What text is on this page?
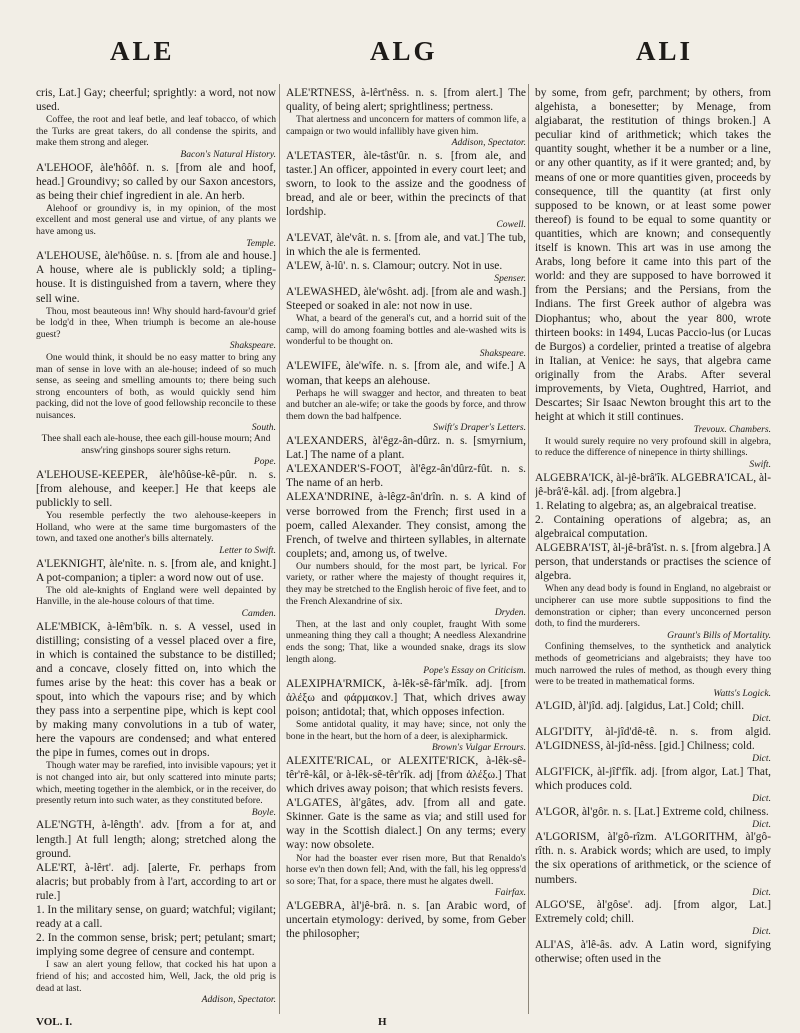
ALE	ALG	ALI

cris, Lat.] Gay; cheerful; sprightly: a word, not now used.

Coffee, the root and leaf betle, and leaf tobacco, of which the Turks are great takers, do all condense the spirits, and make them strong and aleger.

Bacon's Natural History.

A'LEHOOF, àle'hôôf. n. s. [from ale and hoof, head.] Groundivy; so called by our Saxon ancestors, as being their chief ingredient in ale. An herb.

Alehoof or groundivy is, in my opinion, of the most excellent and most general use and virtue, of any plants we have among us.

Temple.

A'LEHOUSE, àle'hôûse. n. s. [from ale and house.] A house, where ale is publickly sold; a tipling-house. It is distinguished from a tavern, where they sell wine.

Thou, most beauteous inn! Why should hard-favour'd grief be lodg'd in thee, When triumph is become an ale-house guest?

Shakspeare.

One would think, it should be no easy matter to bring any man of sense in love with an ale-house; indeed of so much sense, as seeing and smelling amounts to; there being such strong encounters of both, as would quickly send him packing, did not the love of good fellowship reconcile to these nuisances.

South.

Thee shall each ale-house, thee each gill-house mourn; And answ'ring ginshops sourer sighs return.

Pope.

A'LEHOUSE-KEEPER, àle'hôûse-kê-pûr. n. s. [from alehouse, and keeper.] He that keeps ale publickly to sell.

You resemble perfectly the two alehouse-keepers in Holland, who were at the same time burgomasters of the town, and taxed one another's bills alternately.

Letter to Swift.

A'LEKNIGHT, àle'nìte. n. s. [from ale, and knight.] A pot-companion; a tipler: a word now out of use.

The old ale-knights of England were well depainted by Hanville, in the ale-house colours of that time.

Camden.

ALE'MBICK, à-lêm'bîk. n. s. A vessel, used in distilling; consisting of a vessel placed over a fire, in which is contained the substance to be distilled; and a concave, closely fitted on, into which the fumes arise by the heat: this cover has a beak or spout, into which the vapours rise; and by which they pass into a serpentine pipe, which is kept cool by making many convolutions in a tub of water, here the vapours are condensed; and what entered the pipe in fumes, comes out in drops.

Though water may be rarefied, into invisible vapours; yet it is not changed into air, but only scattered into minute parts; which, meeting together in the alembick, or in the receiver, do presently return into such water, as they constituted before.

Boyle.

ALE'NGTH, à-lêngth'. adv. [from a for at, and length.] At full length; along; stretched along the ground.

ALE'RT, à-lêrt'. adj. [alerte, Fr. perhaps from alacris; but probably from à l'art, according to art or rule.]

1. In the military sense, on guard; watchful; vigilant; ready at a call.

2. In the common sense, brisk; pert; petulant; smart; implying some degree of censure and contempt.

I saw an alert young fellow, that cocked his hat upon a friend of his; and accosted him, Well, Jack, the old prig is dead at last.

Addison, Spectator.

ALE'RTNESS, à-lêrt'nêss. n. s. [from alert.] The quality, of being alert; sprightliness; pertness.

That alertness and unconcern for matters of common life, a campaign or two would infallibly have given him.

Addison, Spectator.

A'LETASTER, àle-tâst'ûr. n. s. [from ale, and taster.] An officer, appointed in every court leet; and sworn, to look to the assize and the goodness of bread, and ale or beer, within the precincts of that lordship.

Cowell.

A'LEVAT, àle'vât. n. s. [from ale, and vat.] The tub, in which the ale is fermented.

A'LEW, à-lû'. n. s. Clamour; outcry. Not in use.

Spenser.

A'LEWASHED, àle'wôsht. adj. [from ale and wash.] Steeped or soaked in ale: not now in use.

What, a beard of the general's cut, and a horrid suit of the camp, will do among foaming bottles and ale-washed wits is wonderful to be thought on.

Shakspeare.

A'LEWIFE, àle'wîfe. n. s. [from ale, and wife.] A woman, that keeps an alehouse.

Perhaps he will swagger and hector, and threaten to beat and butcher an ale-wife; or take the goods by force, and throw them down the bad halfpence.

Swift's Draper's Letters.

A'LEXANDERS, àl'êgz-ân-dûrz. n. s. [smyrnium, Lat.] The name of a plant.

A'LEXANDER'S-FOOT, àl'êgz-ân'dûrz-fût. n. s. The name of an herb.

ALEXA'NDRINE, à-lêgz-ân'drîn. n. s. A kind of verse borrowed from the French; first used in a poem, called Alexander. They consist, among the French, of twelve and thirteen syllables, in alternate couplets; and, among us, of twelve.

Our numbers should, for the most part, be lyrical. For variety, or rather where the majesty of thought requires it, they may be stretched to the English heroic of five feet, and to the French Alexandrine of six.

Dryden.

Then, at the last and only couplet, fraught With some unmeaning thing they call a thought; A needless Alexandrine ends the song; That, like a wounded snake, drags its slow length along.

Pope's Essay on Criticism.

ALEXIPHA'RMICK, à-lêk-sê-fâr'mîk. adj. [from ἀλέξω and φάρμακον.] That, which drives away poison; antidotal; that, which opposes infection.

Some antidotal quality, it may have; since, not only the bone in the heart, but the horn of a deer, is alexipharmick.

Brown's Vulgar Errours.

ALEXITE'RICAL, or ALEXITE'RICK, à-lêk-sê-têr'rê-kâl, or à-lêk-sê-têr'rîk. adj [from ἀλέξω.] That which drives away poison; that which resists fevers.

A'LGATES, àl'gâtes, adv. [from all and gate. Skinner. Gate is the same as via; and still used for way in the Scottish dialect.] On any terms; every way: now obsolete.

Nor had the boaster ever risen more, But that Renaldo's horse ev'n then down fell; And, with the fall, his leg oppress'd so sore; That, for a space, there must he algates dwell.

Fairfax.

A'LGEBRA, àl'jê-brâ. n. s. [an Arabic word, of uncertain etymology: derived, by some, from Geber the philosopher;

by some, from gefr, parchment; by others, from algehista, a bonesetter; by Menage, from algiabarat, the restitution of things broken.] A peculiar kind of arithmetick; which takes the quantity sought, whether it be a number or a line, or any other quantity, as if it were granted; and, by means of one or more quantities given, proceeds by consequence, till the quantity (at first only supposed to be known, or at least some power thereof) is found to be equal to some quantity or quantities, which are known; and consequently itself is known. This art was in use among the Arabs, long before it came into this part of the world: and they are supposed to have borrowed it from the Persians; and the Persians, from the Indians. The first Greek author of algebra was Diophantus; who, about the year 800, wrote thirteen books: in 1494, Lucas Paccio-lus (or Lucas de Burgos) a cordelier, printed a treatise of algebra in Italian, at Venice: he says, that algebra came originally from the Arabs. After several improvements, by Vieta, Oughtred, Harriot, and Descartes; Sir Isaac Newton brought this art to the height at which it still continues.

Trevoux. Chambers.

It would surely require no very profound skill in algebra, to reduce the difference of ninepence in thirty shillings.

Swift.

ALGEBRA'ICK, àl-jê-brâ'îk. ALGEBRA'ICAL, àl-jê-brâ'ê-kâl. adj. [from algebra.]

1. Relating to algebra; as, an algebraical treatise.

2. Containing operations of algebra; as, an algebraical computation.

ALGEBRA'IST, àl-jê-brâ'îst. n. s. [from algebra.] A person, that understands or practises the science of algebra.

When any dead body is found in England, no algebraist or uncipherer can use more subtle suppositions to find the demonstration or cipher; than every unconcerned person doth, to find the murderers.

Graunt's Bills of Mortality.

Confining themselves, to the synthetick and analytick methods of geometricians and algebraists; they have too much narrowed the rules of method, as though every thing were to be treated in mathematical forms.

Watts's Logick.

A'LGID, àl'jîd. adj. [algidus, Lat.] Cold; chill.

Dict.

ALGI'DITY, àl-jîd'dê-tê. n. s. from algid. A'LGIDNESS, àl-jîd-nêss. [gid.] Chilness; cold.

Dict.

ALGI'FICK, àl-jîf'fîk. adj. [from algor, Lat.] That, which produces cold.

Dict.

A'LGOR, àl'gôr. n. s. [Lat.] Extreme cold, chilness.

Dict.

A'LGORISM, àl'gô-rîzm. A'LGORITHM, àl'gô-rîth. n. s. Arabick words; which are used, to imply the six operations of arithmetick, or the science of numbers.

Dict.

ALGO'SE, àl'gôse'. adj. [from algor, Lat.] Extremely cold; chill.

Dict.

ALI'AS, à'lê-âs. adv. A Latin word, signifying otherwise; often used in the

VOL. I.	H
